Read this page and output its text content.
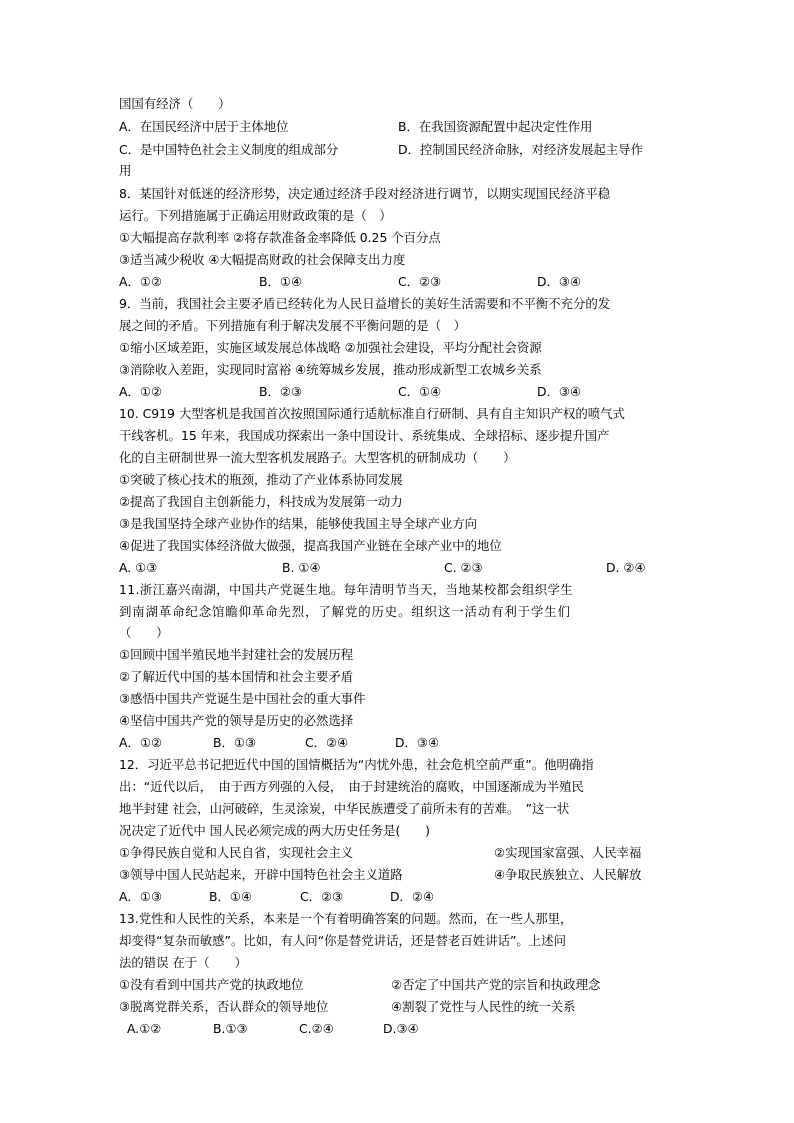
国国有经济（　　）
A．在国民经济中居于主体地位	B．在我国资源配置中起决定性作用
C．是中国特色社会主义制度的组成部分	D．控制国民经济命脉，对经济发展起主导作
用
8．某国针对低迷的经济形势，决定通过经济手段对经济进行调节，以期实现国民经济平稳
运行。下列措施属于正确运用财政政策的是（　）
①大幅提高存款利率 ②将存款准备金率降低 0.25 个百分点
③适当减少税收 ④大幅提高财政的社会保障支出力度
A．①②	B．①④	C．②③	D．③④
9．当前，我国社会主要矛盾已经转化为人民日益增长的美好生活需要和不平衡不充分的发
展之间的矛盾。下列措施有利于解决发展不平衡问题的是（　）
①缩小区域差距，实施区域发展总体战略 ②加强社会建设，平均分配社会资源
③消除收入差距，实现同时富裕 ④统筹城乡发展，推动形成新型工农城乡关系
A．①②	B．②③	C．①④	D．③④
10. C919 大型客机是我国首次按照国际通行适航标准自行研制、具有自主知识产权的喷气式
干线客机。15 年来，我国成功探索出一条中国设计、系统集成、全球招标、逐步提升国产
化的自主研制世界一流大型客机发展路子。大型客机的研制成功（　　）
①突破了核心技术的瓶颈，推动了产业体系协同发展
②提高了我国自主创新能力，科技成为发展第一动力
③是我国坚持全球产业协作的结果，能够使我国主导全球产业方向
④促进了我国实体经济做大做强，提高我国产业链在全球产业中的地位
A. ①③	B. ①④	C. ②③	D. ②④
11.浙江嘉兴南湖，中国共产党诞生地。每年清明节当天，当地某校都会组织学生
到南湖革命纪念馆瞻仰革命先烈，了解党的历史。组织这一活动有利于学生们
（　　）
①回顾中国半殖民地半封建社会的发展历程
②了解近代中国的基本国情和社会主要矛盾
③感悟中国共产党诞生是中国社会的重大事件
④坚信中国共产党的领导是历史的必然选择
A．①②	B．①③	C．②④	D．③④
12．习近平总书记把近代中国的国情概括为“内忧外患，社会危机空前严重”。他明确指
出：“近代以后，　由于西方列强的入侵，　由于封建统治的腐败，中国逐渐成为半殖民
地半封建 社会，山河破碎，生灵涂炭，中华民族遭受了前所未有的苦难。　”这一状
况决定了近代中 国人民必须完成的两大历史任务是(　　)
①争得民族自觉和人民自省，实现社会主义	②实现国家富强、人民幸福
③领导中国人民站起来，开辟中国特色社会主义道路	④争取民族独立、人民解放
A．①③	B．①④	C．②③	D．②④
13.党性和人民性的关系，本来是一个有着明确答案的问题。然而，在一些人那里，
却变得“复杂而敏感”。比如，有人问“你是替党讲话，还是替老百姓讲话”。上述问
法的错误 在于（　　）
①没有看到中国共产党的执政地位	②否定了中国共产党的宗旨和执政理念
③脱离党群关系，否认群众的领导地位	④割裂了党性与人民性的统一关系
A.①②	B.①③	C.②④	D.③④
